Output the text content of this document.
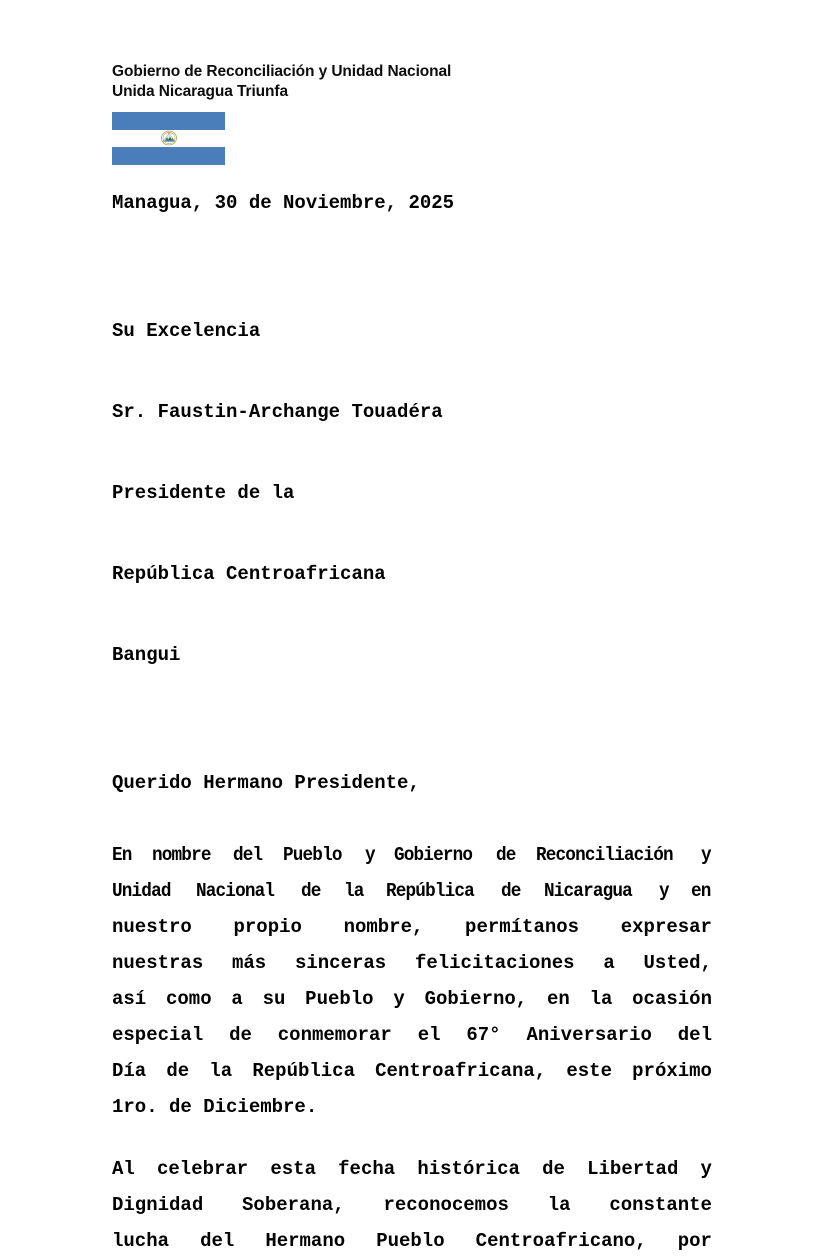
Gobierno de Reconciliación y Unidad Nacional
Unida Nicaragua Triunfa
Managua, 30 de Noviembre, 2025

Su Excelencia

Sr. Faustin-Archange Touadéra

Presidente de la

República Centroafricana

Bangui

Querido Hermano Presidente,
En nombre del Pueblo y Gobierno de Reconciliación y
Unidad Nacional de la República de Nicaragua y en
nuestro propio nombre, permítanos expresar
nuestras más sinceras felicitaciones a Usted,
así como a su Pueblo y Gobierno, en la ocasión
especial de conmemorar el 67° Aniversario del
Día de la República Centroafricana, este próximo
1ro. de Diciembre.
Al celebrar esta fecha histórica de Libertad y
Dignidad Soberana, reconocemos la constante
lucha del Hermano Pueblo Centroafricano, por
